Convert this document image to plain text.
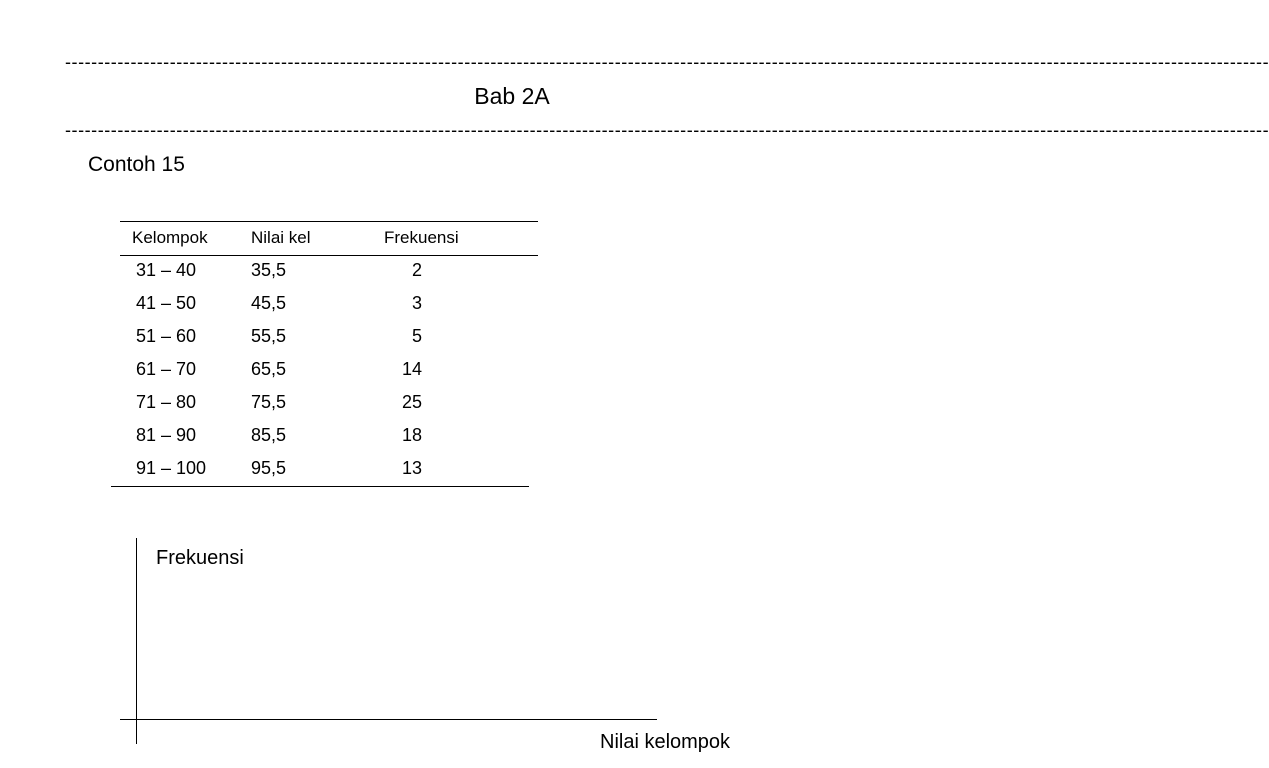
----------------------------------------------------------------------------------------------------------------------------------------------------------------------------------------
Bab 2A
----------------------------------------------------------------------------------------------------------------------------------------------------------------------------------------
Contoh 15
Kelompok	Nilai kel	Frekuensi
31 – 40	35,5	2
41 – 50	45,5	3
51 – 60	55,5	5
61 – 70	65,5	14
71 – 80	75,5	25
81 – 90	85,5	18
91 – 100 95,5	13
Frekuensi
Nilai kelompok
